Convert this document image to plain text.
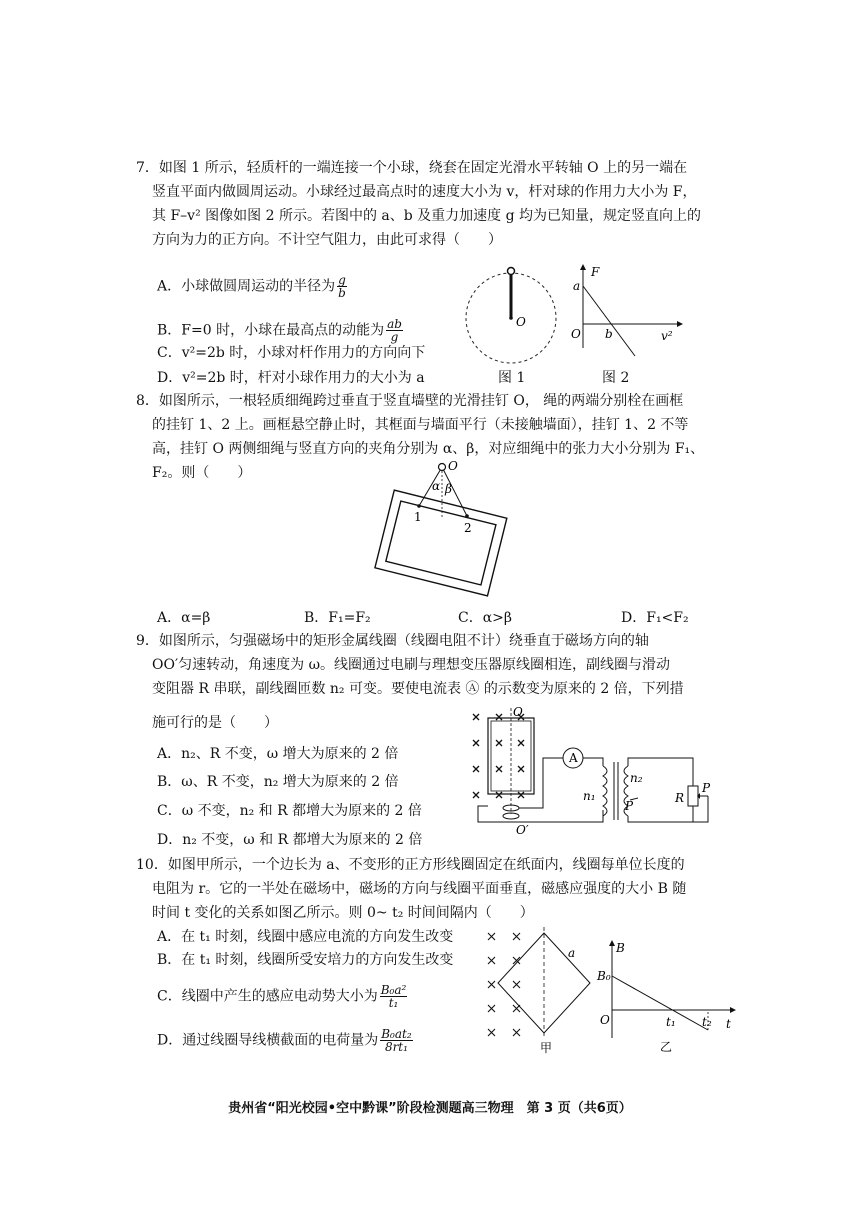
7．如图 1 所示，轻质杆的一端连接一个小球，绕套在固定光滑水平转轴 O 上的另一端在
竖直平面内做圆周运动。小球经过最高点时的速度大小为 v，杆对球的作用力大小为 F，
其 F–v² 图像如图 2 所示。若图中的 a、b 及重力加速度 g 均为已知量，规定竖直向上的
方向为力的正方向。不计空气阻力，由此可求得（　　）
A．小球做圆周运动的半径为 $\frac{g}{b}$
B．F=0 时，小球在最高点的动能为 $\frac{ab}{g}$
C．v²=2b 时，小球对杆作用力的方向向下
D．v²=2b 时，杆对小球作用力的大小为 a
O
图 1
F
a
O b	v²
图 2
8．如图所示，一根轻质细绳跨过垂直于竖直墙壁的光滑挂钉 O， 绳的两端分别栓在画框
的挂钉 1、2 上。画框悬空静止时，其框面与墙面平行（未接触墙面），挂钉 1、2 不等
高，挂钉 O 两侧细绳与竖直方向的夹角分别为 α、β，对应细绳中的张力大小分别为 F₁、
F₂。则（　　）	O
α β
1
2
A．α=β	B．F₁=F₂	C．α>β	D．F₁<F₂
9．如图所示，匀强磁场中的矩形金属线圈（线圈电阻不计）绕垂直于磁场方向的轴
OO′匀速转动，角速度为 ω。线圈通过电刷与理想变压器原线圈相连，副线圈与滑动
变阻器 R 串联，副线圈匝数 n₂ 可变。要使电流表 Ⓐ 的示数变为原来的 2 倍，下列措
施可行的是（　　）
A．n₂、R 不变，ω 增大为原来的 2 倍
B．ω、R 不变，n₂ 增大为原来的 2 倍
C．ω 不变，n₂ 和 R 都增大为原来的 2 倍
D．n₂ 不变，ω 和 R 都增大为原来的 2 倍
O
O′
A
n₁
n₂
P
R
P
10．如图甲所示，一个边长为 a、不变形的正方形线圈固定在纸面内，线圈每单位长度的
电阻为 r。它的一半处在磁场中，磁场的方向与线圈平面垂直，磁感应强度的大小 B 随
时间 t 变化的关系如图乙所示。则 0~ t₂ 时间间隔内（　　）
A．在 t₁ 时刻，线圈中感应电流的方向发生改变
B．在 t₁ 时刻，线圈所受安培力的方向发生改变
C．线圈中产生的感应电动势大小为 $\frac{\text{B₀a²}}{\text{t₁}}$
D．通过线圈导线横截面的电荷量为 $\frac{\text{B₀at₂}}{\text{8rt₁}}$
a
甲
B
B₀
O	t₁ t₂ t
乙
贵州省“阳光校园•空中黔课”阶段检测题高三物理　第 3 页（共6页）
